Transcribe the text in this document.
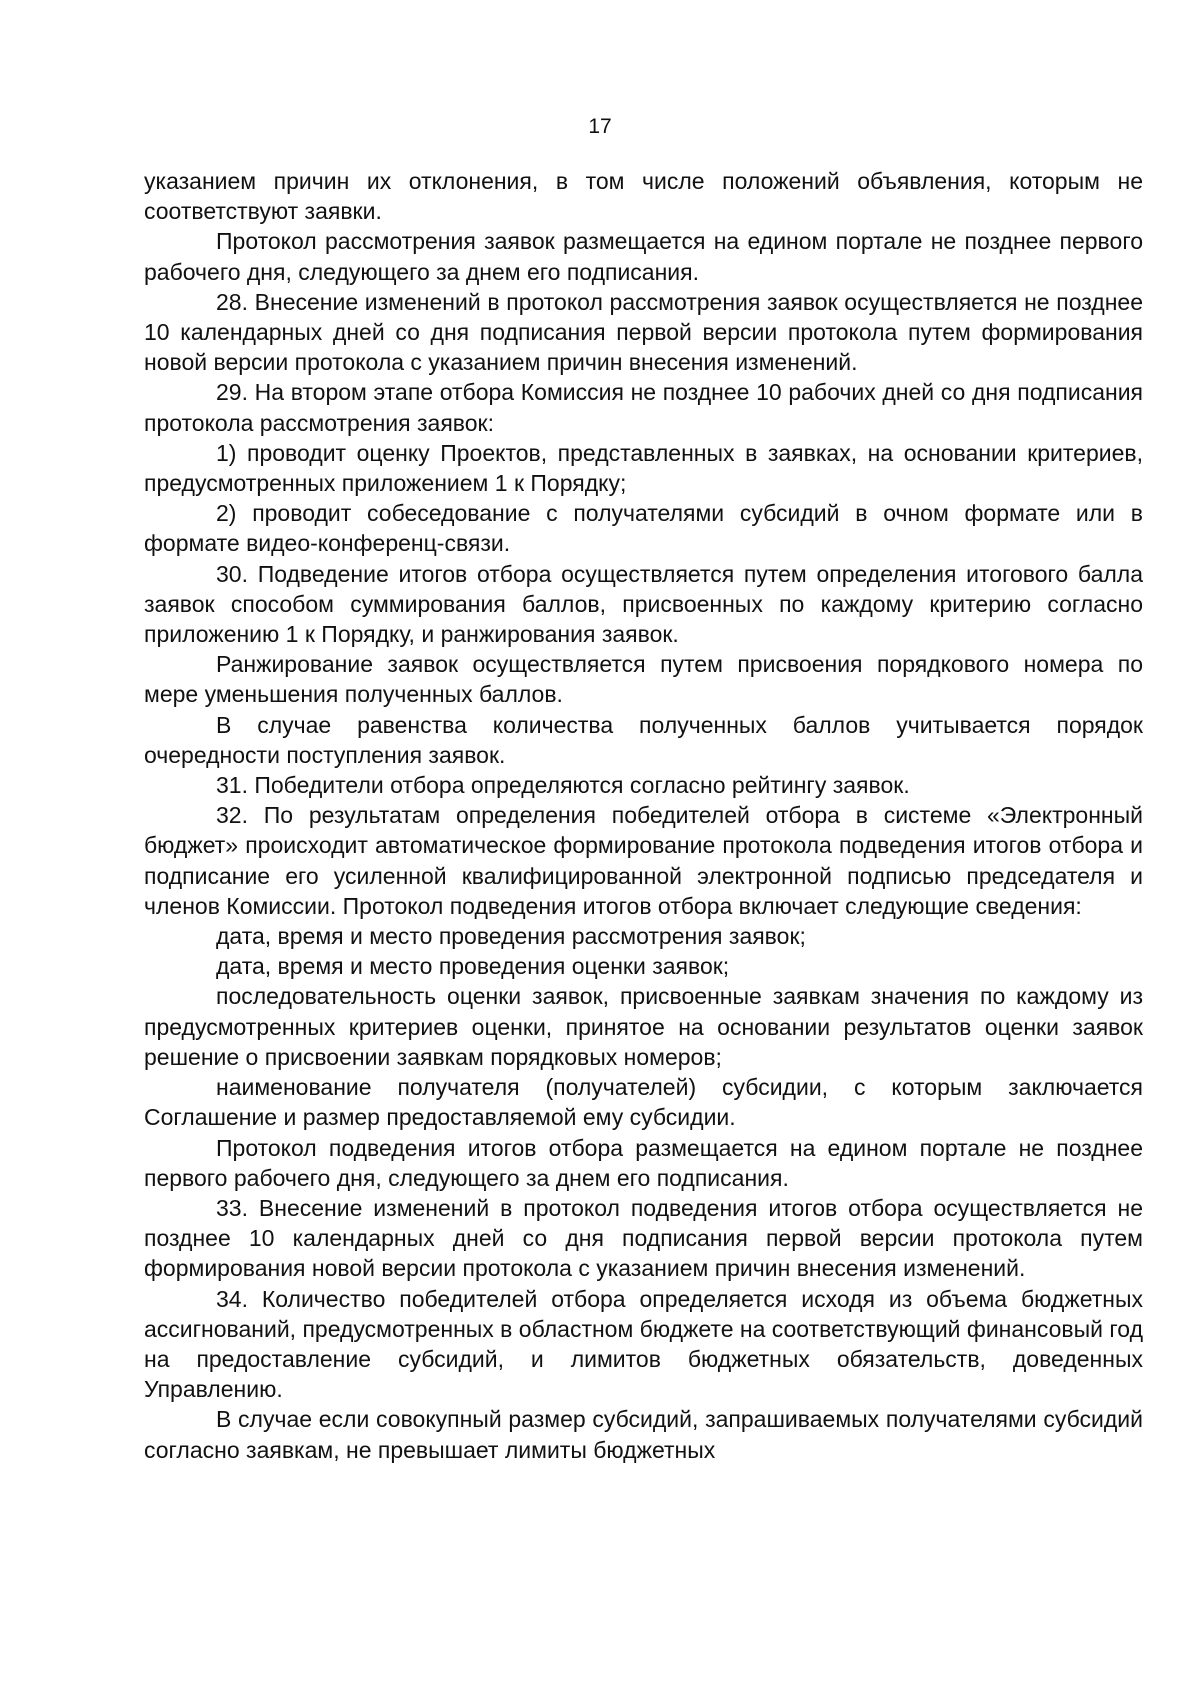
17

указанием причин их отклонения, в том числе положений объявления, которым не соответствуют заявки.

Протокол рассмотрения заявок размещается на едином портале не позднее первого рабочего дня, следующего за днем его подписания.

28. Внесение изменений в протокол рассмотрения заявок осуществляется не позднее 10 календарных дней со дня подписания первой версии протокола путем формирования новой версии протокола с указанием причин внесения изменений.

29. На втором этапе отбора Комиссия не позднее 10 рабочих дней со дня подписания протокола рассмотрения заявок:

1) проводит оценку Проектов, представленных в заявках, на основании критериев, предусмотренных приложением 1 к Порядку;

2) проводит собеседование с получателями субсидий в очном формате или в формате видео-конференц-связи.

30. Подведение итогов отбора осуществляется путем определения итогового балла заявок способом суммирования баллов, присвоенных по каждому критерию согласно приложению 1 к Порядку, и ранжирования заявок.

Ранжирование заявок осуществляется путем присвоения порядкового номера по мере уменьшения полученных баллов.

В случае равенства количества полученных баллов учитывается порядок очередности поступления заявок.

31. Победители отбора определяются согласно рейтингу заявок.

32. По результатам определения победителей отбора в системе «Электронный бюджет» происходит автоматическое формирование протокола подведения итогов отбора и подписание его усиленной квалифицированной электронной подписью председателя и членов Комиссии. Протокол подведения итогов отбора включает следующие сведения:

дата, время и место проведения рассмотрения заявок;

дата, время и место проведения оценки заявок;

последовательность оценки заявок, присвоенные заявкам значения по каждому из предусмотренных критериев оценки, принятое на основании результатов оценки заявок решение о присвоении заявкам порядковых номеров;

наименование получателя (получателей) субсидии, с которым заключается Соглашение и размер предоставляемой ему субсидии.

Протокол подведения итогов отбора размещается на едином портале не позднее первого рабочего дня, следующего за днем его подписания.

33. Внесение изменений в протокол подведения итогов отбора осуществляется не позднее 10 календарных дней со дня подписания первой версии протокола путем формирования новой версии протокола с указанием причин внесения изменений.

34. Количество победителей отбора определяется исходя из объема бюджетных ассигнований, предусмотренных в областном бюджете на соответствующий финансовый год на предоставление субсидий, и лимитов бюджетных обязательств, доведенных Управлению.

В случае если совокупный размер субсидий, запрашиваемых получателями субсидий согласно заявкам, не превышает лимиты бюджетных
